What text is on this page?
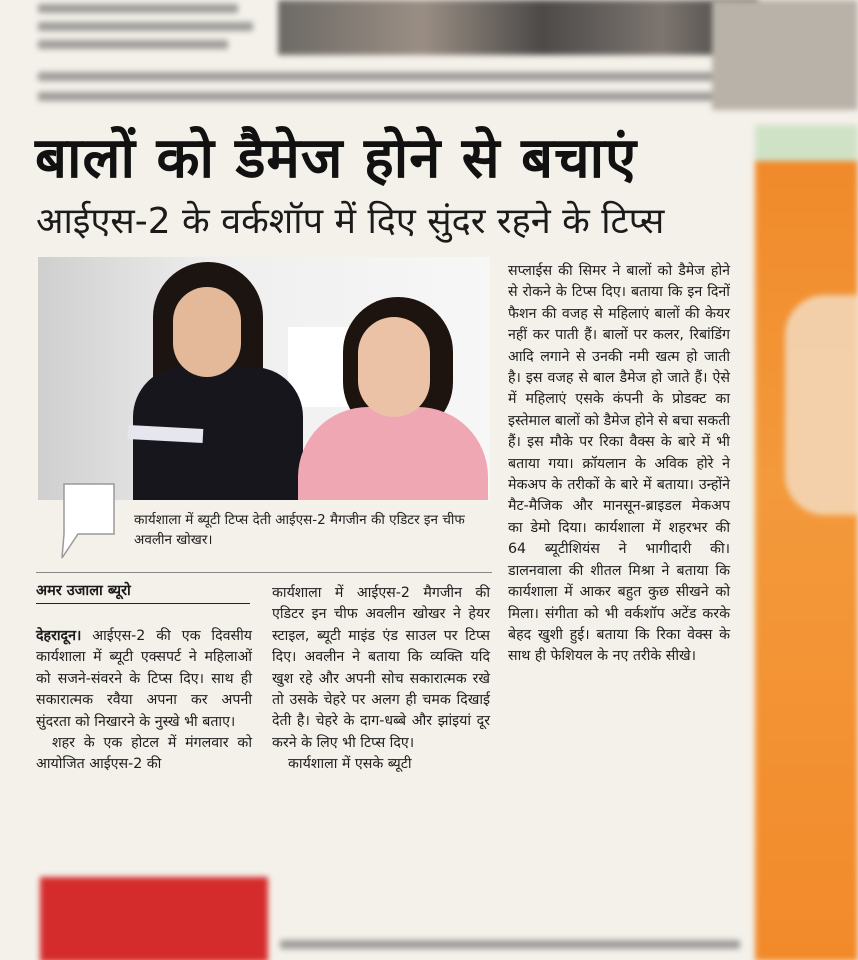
बालों को डैमेज होने से बचाएं
आईएस-2 के वर्कशॉप में दिए सुंदर रहने के टिप्स

कार्यशाला में ब्यूटी टिप्स देती आईएस-2 मैगजीन की एडिटर इन चीफ अवलीन खोखर।

अमर उजाला ब्यूरो

देहरादून। आईएस-2 की एक दिवसीय कार्यशाला में ब्यूटी एक्सपर्ट ने महिलाओं को सजने-संवरने के टिप्स दिए। साथ ही सकारात्मक रवैया अपना कर अपनी सुंदरता को निखारने के नुस्खे भी बताए।

शहर के एक होटल में मंगलवार को आयोजित आईएस-2 की

कार्यशाला में आईएस-2 मैगजीन की एडिटर इन चीफ अवलीन खोखर ने हेयर स्टाइल, ब्यूटी माइंड एंड साउल पर टिप्स दिए। अवलीन ने बताया कि व्यक्ति यदि खुश रहे और अपनी सोच सकारात्मक रखे तो उसके चेहरे पर अलग ही चमक दिखाई देती है। चेहरे के दाग-धब्बे और झांइयां दूर करने के लिए भी टिप्स दिए।

कार्यशाला में एसके ब्यूटी

सप्लाईस की सिमर ने बालों को डैमेज होने से रोकने के टिप्स दिए। बताया कि इन दिनों फैशन की वजह से महिलाएं बालों की केयर नहीं कर पाती हैं। बालों पर कलर, रिबांडिंग आदि लगाने से उनकी नमी खत्म हो जाती है। इस वजह से बाल डैमेज हो जाते हैं। ऐसे में महिलाएं एसके कंपनी के प्रोडक्ट का इस्तेमाल बालों को डैमेज होने से बचा सकती हैं। इस मौके पर रिका वैक्स के बारे में भी बताया गया। क्रॉयलान के अविक होरे ने मेकअप के तरीकों के बारे में बताया। उन्होंने मैट-मैजिक और मानसून-ब्राइडल मेकअप का डेमो दिया। कार्यशाला में शहरभर की 64 ब्यूटीशियंस ने भागीदारी की। डालनवाला की शीतल मिश्रा ने बताया कि कार्यशाला में आकर बहुत कुछ सीखने को मिला। संगीता को भी वर्कशॉप अटेंड करके बेहद खुशी हुई। बताया कि रिका वेक्स के साथ ही फेशियल के नए तरीके सीखे।
